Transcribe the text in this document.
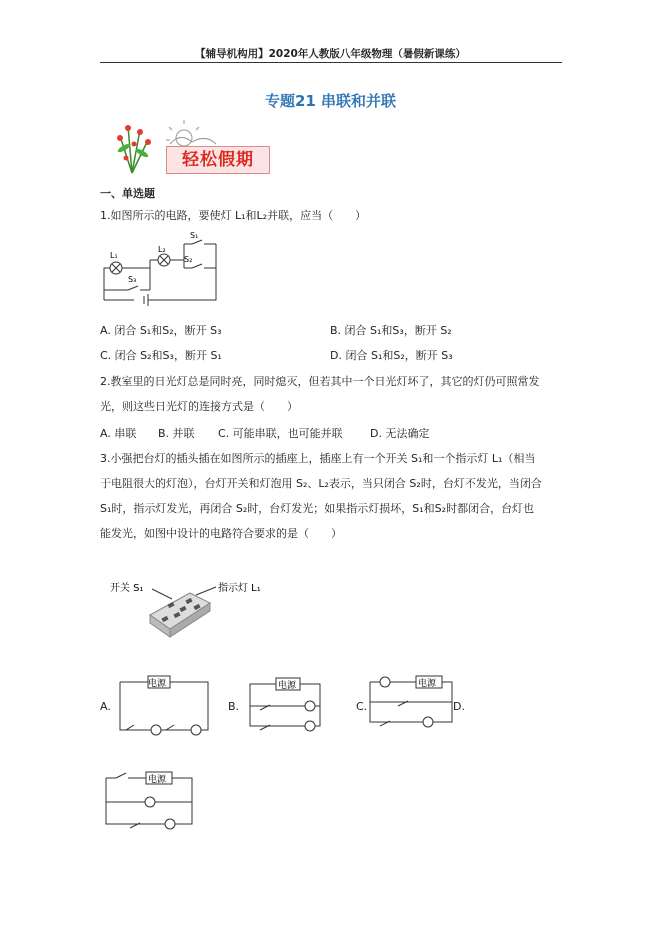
【辅导机构用】2020年人教版八年级物理（暑假新课练）
专题21 串联和并联
轻松假期
一、单选题
1.如图所示的电路，要使灯 L₁和L₂并联，应当（　　）
L₁
L₂
S₁
S₂
S₃
A. 闭合 S₁和S₂，断开 S₃	B. 闭合 S₁和S₃，断开 S₂
C. 闭合 S₂和S₃，断开 S₁	D. 闭合 S₁和S₂，断开 S₃
2.教室里的日光灯总是同时亮，同时熄灭，但若其中一个日光灯坏了，其它的灯仍可照常发
光，则这些日光灯的连接方式是（　　）
A. 串联 B. 并联 C. 可能串联，也可能并联 D. 无法确定
3.小强把台灯的插头插在如图所示的插座上，插座上有一个开关 S₁和一个指示灯 L₁（相当
于电阻很大的灯泡），台灯开关和灯泡用 S₂、L₂表示，当只闭合 S₂时，台灯不发光，当闭合
S₁时，指示灯发光，再闭合 S₂时，台灯发光；如果指示灯损坏，S₁和S₂时都闭合，台灯也
能发光，如图中设计的电路符合要求的是（　　）
开关 S₁	指示灯 L₁
电源	电源	电源
A.	B.	C.	D.
电源
